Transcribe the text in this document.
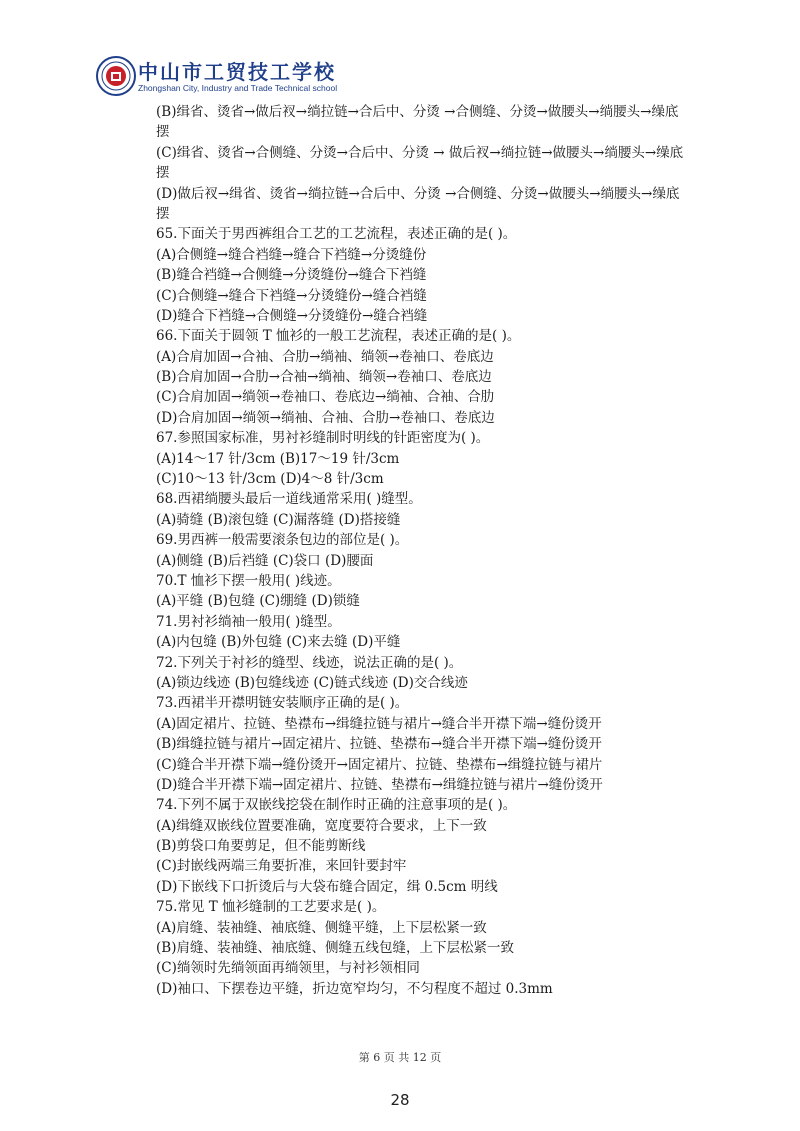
中山市工贸技工学校
Zhongshan City, Industry and Trade Technical school
(B)缉省、烫省→做后衩→绱拉链→合后中、分烫 →合侧缝、分烫→做腰头→绱腰头→缲底
摆
(C)缉省、烫省→合侧缝、分烫→合后中、分烫 → 做后衩→绱拉链→做腰头→绱腰头→缲底
摆
(D)做后衩→缉省、烫省→绱拉链→合后中、分烫 →合侧缝、分烫→做腰头→绱腰头→缲底
摆
65.下面关于男西裤组合工艺的工艺流程，表述正确的是( )。
(A)合侧缝→缝合裆缝→缝合下裆缝→分烫缝份
(B)缝合裆缝→合侧缝→分烫缝份→缝合下裆缝
(C)合侧缝→缝合下裆缝→分烫缝份→缝合裆缝
(D)缝合下裆缝→合侧缝→分烫缝份→缝合裆缝
66.下面关于圆领 T 恤衫的一般工艺流程，表述正确的是( )。
(A)合肩加固→合袖、合肋→绱袖、绱领→卷袖口、卷底边
(B)合肩加固→合肋→合袖→绱袖、绱领→卷袖口、卷底边
(C)合肩加固→绱领→卷袖口、卷底边→绱袖、合袖、合肋
(D)合肩加固→绱领→绱袖、合袖、合肋→卷袖口、卷底边
67.参照国家标准，男衬衫缝制时明线的针距密度为( )。
(A)14～17 针/3cm (B)17～19 针/3cm
(C)10～13 针/3cm (D)4～8 针/3cm
68.西裙绱腰头最后一道线通常采用( )缝型。
(A)骑缝 (B)滚包缝 (C)漏落缝 (D)搭接缝
69.男西裤一般需要滚条包边的部位是( )。
(A)侧缝 (B)后裆缝 (C)袋口 (D)腰面
70.T 恤衫下摆一般用( )线迹。
(A)平缝 (B)包缝 (C)绷缝 (D)锁缝
71.男衬衫绱袖一般用( )缝型。
(A)内包缝 (B)外包缝 (C)来去缝 (D)平缝
72.下列关于衬衫的缝型、线迹，说法正确的是( )。
(A)锁边线迹 (B)包缝线迹 (C)链式线迹 (D)交合线迹
73.西裙半开襟明链安装顺序正确的是( )。
(A)固定裙片、拉链、垫襟布→缉缝拉链与裙片→缝合半开襟下端→缝份烫开
(B)缉缝拉链与裙片→固定裙片、拉链、垫襟布→缝合半开襟下端→缝份烫开
(C)缝合半开襟下端→缝份烫开→固定裙片、拉链、垫襟布→缉缝拉链与裙片
(D)缝合半开襟下端→固定裙片、拉链、垫襟布→缉缝拉链与裙片→缝份烫开
74.下列不属于双嵌线挖袋在制作时正确的注意事项的是( )。
(A)缉缝双嵌线位置要准确，宽度要符合要求，上下一致
(B)剪袋口角要剪足，但不能剪断线
(C)封嵌线两端三角要折准，来回针要封牢
(D)下嵌线下口折烫后与大袋布缝合固定，缉 0.5cm 明线
75.常见 T 恤衫缝制的工艺要求是( )。
(A)肩缝、装袖缝、袖底缝、侧缝平缝，上下层松紧一致
(B)肩缝、装袖缝、袖底缝、侧缝五线包缝，上下层松紧一致
(C)绱领时先绱领面再绱领里，与衬衫领相同
(D)袖口、下摆卷边平缝，折边宽窄均匀，不匀程度不超过 0.3mm
第 6 页 共 12 页
28
